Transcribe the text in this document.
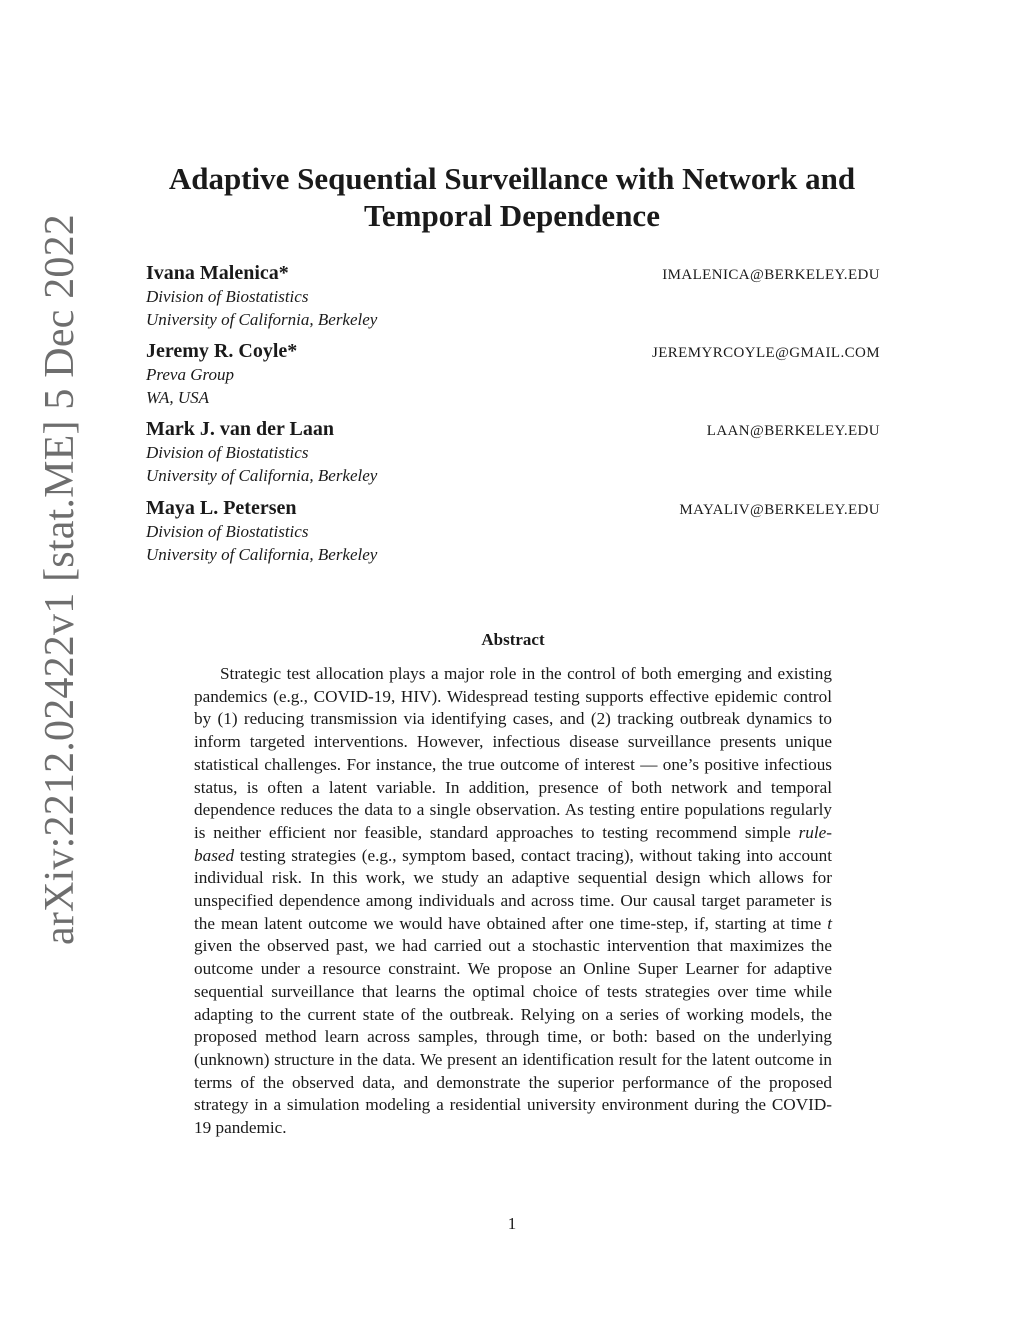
arXiv:2212.02422v1 [stat.ME] 5 Dec 2022
Adaptive Sequential Surveillance with Network and Temporal Dependence
Ivana Malenica*	IMALENICA@BERKELEY.EDU
Division of Biostatistics
University of California, Berkeley
Jeremy R. Coyle*	JEREMYRCOYLE@GMAIL.COM
Preva Group
WA, USA
Mark J. van der Laan	LAAN@BERKELEY.EDU
Division of Biostatistics
University of California, Berkeley
Maya L. Petersen	MAYALIV@BERKELEY.EDU
Division of Biostatistics
University of California, Berkeley
Abstract

Strategic test allocation plays a major role in the control of both emerging and existing pandemics (e.g., COVID-19, HIV). Widespread testing supports effective epidemic control by (1) reducing transmission via identifying cases, and (2) tracking outbreak dynamics to inform targeted interventions. However, infectious disease surveillance presents unique statistical challenges. For instance, the true outcome of interest — one’s positive infectious status, is often a latent variable. In addition, presence of both network and temporal dependence reduces the data to a single observation. As testing entire populations regularly is neither efficient nor feasible, standard approaches to testing recommend simple rule-based testing strategies (e.g., symptom based, contact tracing), without taking into account individual risk. In this work, we study an adaptive sequential design which allows for unspecified dependence among individuals and across time. Our causal target parameter is the mean latent outcome we would have obtained after one time-step, if, starting at time t given the observed past, we had carried out a stochastic intervention that maximizes the outcome under a resource constraint. We propose an Online Super Learner for adaptive sequential surveillance that learns the optimal choice of tests strategies over time while adapting to the current state of the outbreak. Relying on a series of working models, the proposed method learn across samples, through time, or both: based on the underlying (unknown) structure in the data. We present an identification result for the latent outcome in terms of the observed data, and demonstrate the superior performance of the proposed strategy in a simulation modeling a residential university environment during the COVID-19 pandemic.

1
